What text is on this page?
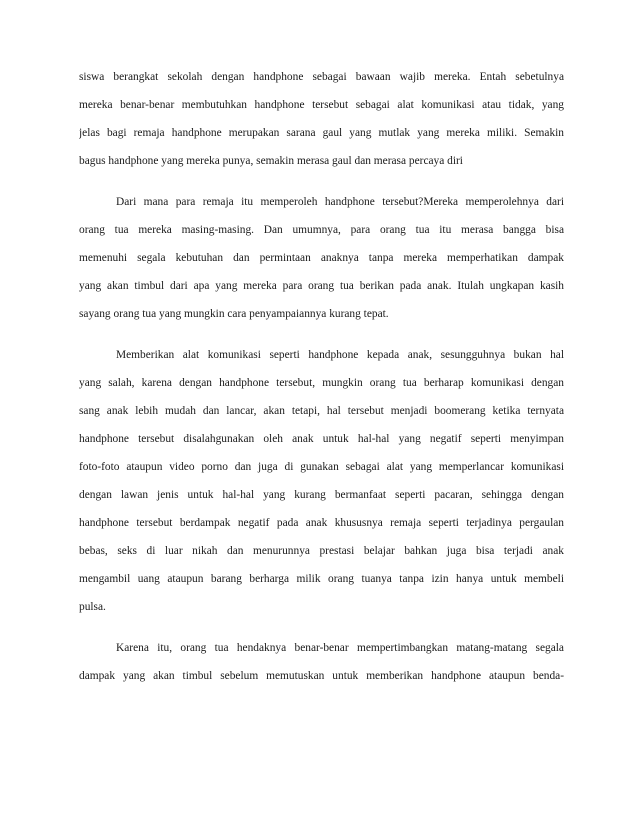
siswa berangkat sekolah dengan handphone sebagai bawaan wajib mereka. Entah sebetulnya
mereka benar-benar membutuhkan handphone tersebut sebagai alat komunikasi atau tidak, yang
jelas bagi remaja handphone merupakan sarana gaul yang mutlak yang mereka miliki. Semakin
bagus handphone yang mereka punya, semakin merasa gaul dan merasa percaya diri
Dari mana para remaja itu memperoleh handphone tersebut?Mereka memperolehnya dari
orang tua mereka masing-masing. Dan umumnya, para orang tua itu merasa bangga bisa
memenuhi segala kebutuhan dan permintaan anaknya tanpa mereka memperhatikan dampak
yang akan timbul dari apa yang mereka para orang tua berikan pada anak. Itulah ungkapan kasih
sayang orang tua yang mungkin cara penyampaiannya kurang tepat.
Memberikan alat komunikasi seperti handphone kepada anak, sesungguhnya bukan hal
yang salah, karena dengan handphone tersebut, mungkin orang tua berharap komunikasi dengan
sang anak lebih mudah dan lancar, akan tetapi, hal tersebut menjadi boomerang ketika ternyata
handphone tersebut disalahgunakan oleh anak untuk hal-hal yang negatif seperti menyimpan
foto-foto ataupun video porno dan juga di gunakan sebagai alat yang memperlancar komunikasi
dengan lawan jenis untuk hal-hal yang kurang bermanfaat seperti pacaran, sehingga dengan
handphone tersebut berdampak negatif pada anak khususnya remaja seperti terjadinya pergaulan
bebas, seks di luar nikah dan menurunnya prestasi belajar bahkan juga bisa terjadi anak
mengambil uang ataupun barang berharga milik orang tuanya tanpa izin hanya untuk membeli
pulsa.
Karena itu, orang tua hendaknya benar-benar mempertimbangkan matang-matang segala
dampak yang akan timbul sebelum memutuskan untuk memberikan handphone ataupun benda-
